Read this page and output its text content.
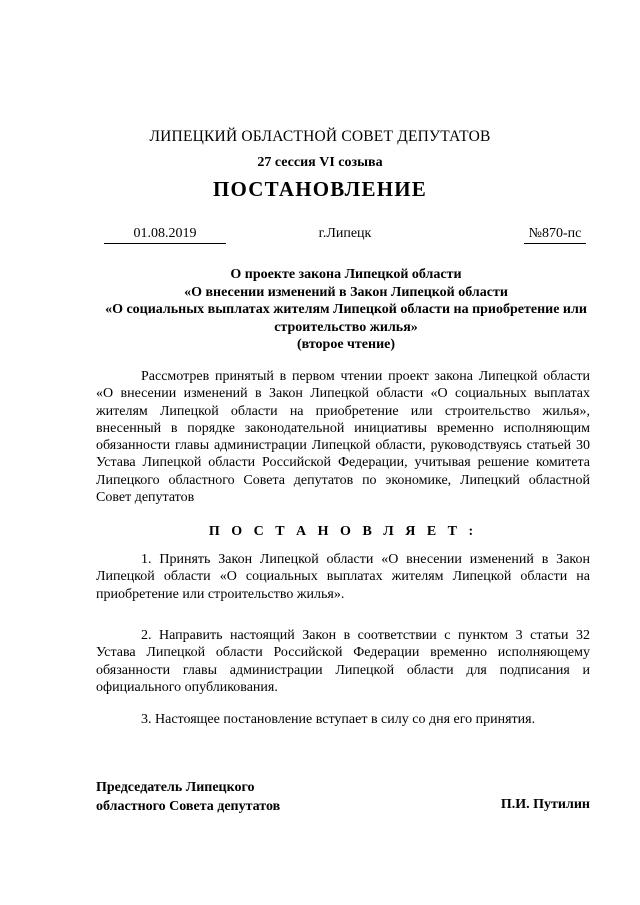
ЛИПЕЦКИЙ ОБЛАСТНОЙ СОВЕТ ДЕПУТАТОВ
27 сессия VI созыва
ПОСТАНОВЛЕНИЕ
г.Липецк
01.08.2019	№870-пс
О проекте закона Липецкой области
«О внесении изменений в Закон Липецкой области
«О социальных выплатах жителям Липецкой области на приобретение или строительство жилья»
(второе чтение)

Рассмотрев принятый в первом чтении проект закона Липецкой области «О внесении изменений в Закон Липецкой области «О социальных выплатах жителям Липецкой области на приобретение или строительство жилья», внесенный в порядке законодательной инициативы временно исполняющим обязанности главы администрации Липецкой области, руководствуясь статьей 30 Устава Липецкой области Российской Федерации, учитывая решение комитета Липецкого областного Совета депутатов по экономике, Липецкий областной Совет депутатов

П О С Т А Н О В Л Я Е Т :

1. Принять Закон Липецкой области «О внесении изменений в Закон Липецкой области «О социальных выплатах жителям Липецкой области на приобретение или строительство жилья».

2. Направить настоящий Закон в соответствии с пунктом 3 статьи 32 Устава Липецкой области Российской Федерации временно исполняющему обязанности главы администрации Липецкой области для подписания и официального опубликования.

3. Настоящее постановление вступает в силу со дня его принятия.

Председатель Липецкого
областного Совета депутатов	П.И. Путилин
